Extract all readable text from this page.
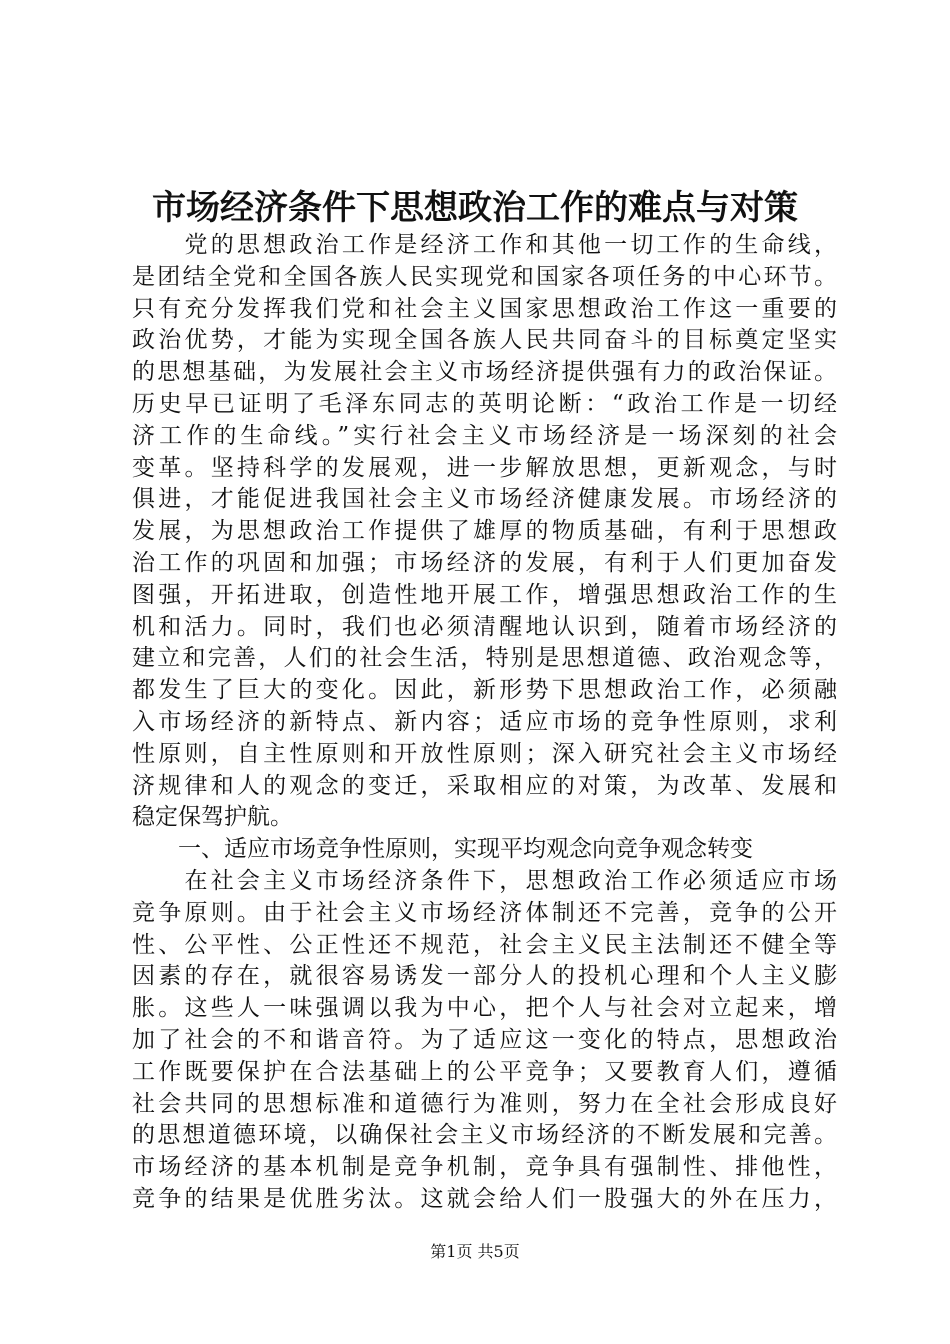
市场经济条件下思想政治工作的难点与对策
　　党的思想政治工作是经济工作和其他一切工作的生命线，
是团结全党和全国各族人民实现党和国家各项任务的中心环节。
只有充分发挥我们党和社会主义国家思想政治工作这一重要的
政治优势，才能为实现全国各族人民共同奋斗的目标奠定坚实
的思想基础，为发展社会主义市场经济提供强有力的政治保证。
历史早已证明了毛泽东同志的英明论断：“政治工作是一切经
济工作的生命线。”实行社会主义市场经济是一场深刻的社会
变革。坚持科学的发展观，进一步解放思想，更新观念，与时
俱进，才能促进我国社会主义市场经济健康发展。市场经济的
发展，为思想政治工作提供了雄厚的物质基础，有利于思想政
治工作的巩固和加强；市场经济的发展，有利于人们更加奋发
图强，开拓进取，创造性地开展工作，增强思想政治工作的生
机和活力。同时，我们也必须清醒地认识到，随着市场经济的
建立和完善，人们的社会生活，特别是思想道德、政治观念等，
都发生了巨大的变化。因此，新形势下思想政治工作，必须融
入市场经济的新特点、新内容；适应市场的竞争性原则，求利
性原则，自主性原则和开放性原则；深入研究社会主义市场经
济规律和人的观念的变迁，采取相应的对策，为改革、发展和
稳定保驾护航。
　　一、适应市场竞争性原则，实现平均观念向竞争观念转变
　　在社会主义市场经济条件下，思想政治工作必须适应市场
竞争原则。由于社会主义市场经济体制还不完善，竞争的公开
性、公平性、公正性还不规范，社会主义民主法制还不健全等
因素的存在，就很容易诱发一部分人的投机心理和个人主义膨
胀。这些人一味强调以我为中心，把个人与社会对立起来，增
加了社会的不和谐音符。为了适应这一变化的特点，思想政治
工作既要保护在合法基础上的公平竞争；又要教育人们，遵循
社会共同的思想标准和道德行为准则，努力在全社会形成良好
的思想道德环境，以确保社会主义市场经济的不断发展和完善。
市场经济的基本机制是竞争机制，竞争具有强制性、排他性，
竞争的结果是优胜劣汰。这就会给人们一股强大的外在压力，
第1页 共5页
